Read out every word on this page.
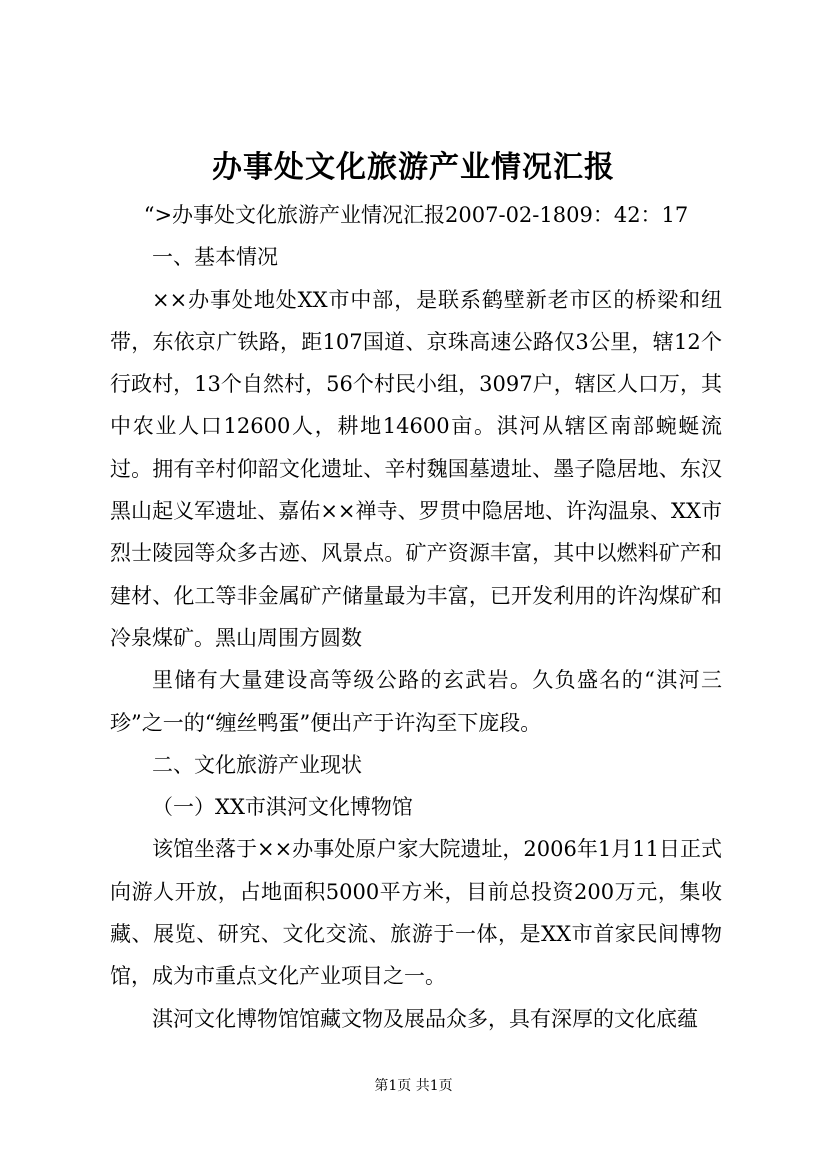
办事处文化旅游产业情况汇报

“>办事处文化旅游产业情况汇报2007-02-1809：42：17

一、基本情况

××办事处地处XX市中部，是联系鹤壁新老市区的桥梁和纽带，东依京广铁路，距107国道、京珠高速公路仅3公里，辖12个行政村，13个自然村，56个村民小组，3097户，辖区人口万，其中农业人口12600人，耕地14600亩。淇河从辖区南部蜿蜒流过。拥有辛村仰韶文化遗址、辛村魏国墓遗址、墨子隐居地、东汉黑山起义军遗址、嘉佑××禅寺、罗贯中隐居地、许沟温泉、XX市烈士陵园等众多古迹、风景点。矿产资源丰富，其中以燃料矿产和建材、化工等非金属矿产储量最为丰富，已开发利用的许沟煤矿和冷泉煤矿。黑山周围方圆数

里储有大量建设高等级公路的玄武岩。久负盛名的“淇河三珍”之一的“缠丝鸭蛋”便出产于许沟至下庞段。

二、文化旅游产业现状

（一）XX市淇河文化博物馆

该馆坐落于××办事处原户家大院遗址，2006年1月11日正式向游人开放，占地面积5000平方米，目前总投资200万元，集收藏、展览、研究、文化交流、旅游于一体，是XX市首家民间博物馆，成为市重点文化产业项目之一。

淇河文化博物馆馆藏文物及展品众多，具有深厚的文化底蕴

第1页 共1页
